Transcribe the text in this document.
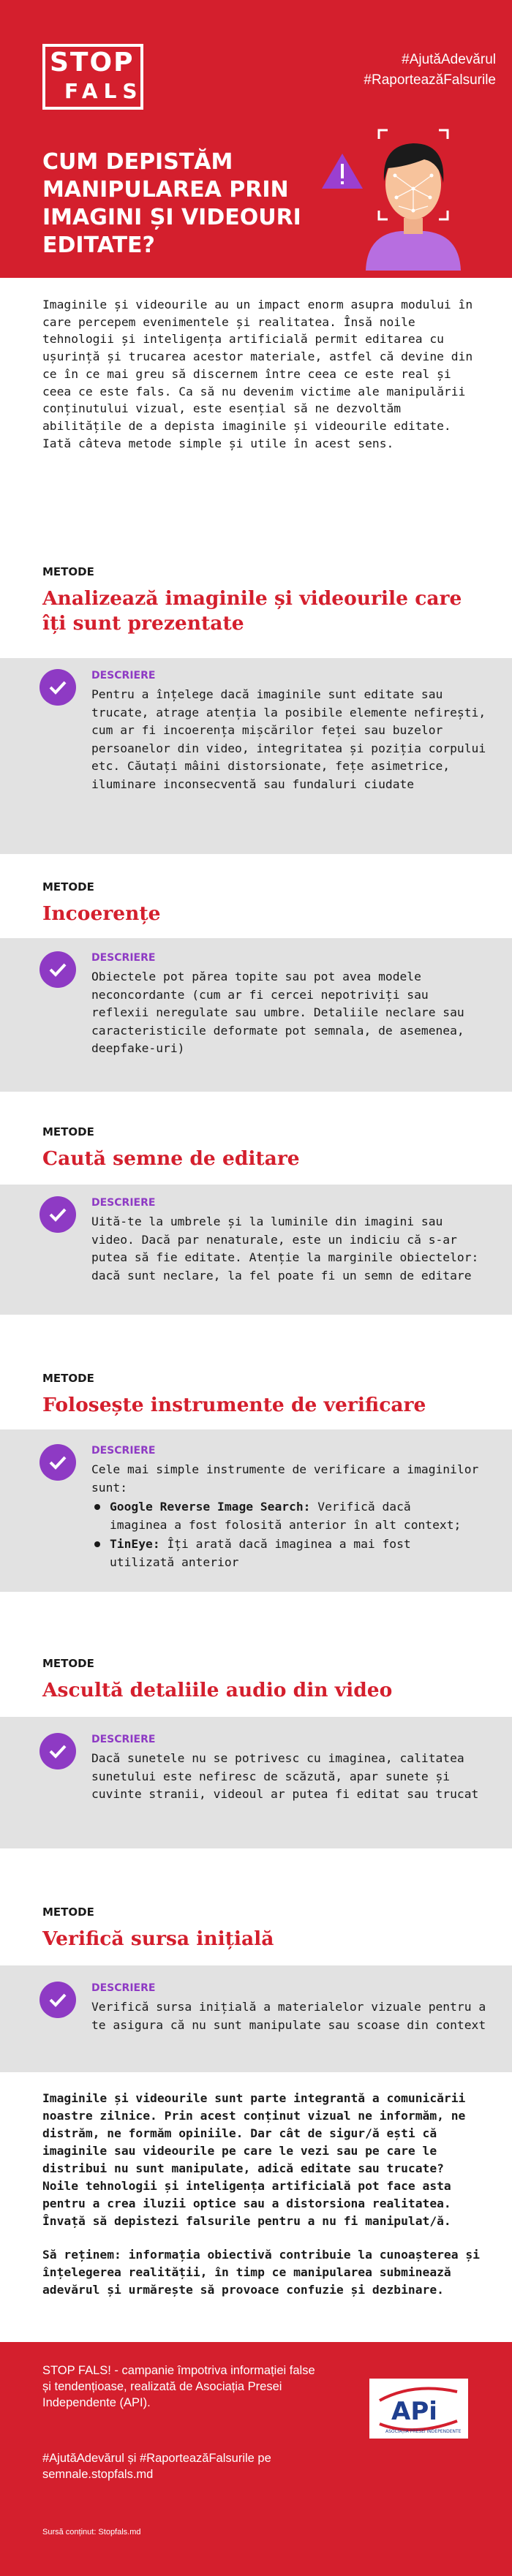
STOP
FALS
#AjutăAdevărul
#RaporteazăFalsurile
CUM DEPISTĂM MANIPULAREA PRIN IMAGINI ȘI VIDEOURI EDITATE?
Imaginile și videourile au un impact enorm asupra modului în care percepem evenimentele și realitatea. Însă noile tehnologii și inteligența artificială permit editarea cu ușurință și trucarea acestor materiale, astfel că devine din ce în ce mai greu să discernem între ceea ce este real și ceea ce este fals. Ca să nu devenim victime ale manipulării conținutului vizual, este esențial să ne dezvoltăm abilitățile de a depista imaginile și videourile editate. Iată câteva metode simple și utile în acest sens.
METODE
Analizează imaginile și videourile care îți sunt prezentate
DESCRIERE
Pentru a înțelege dacă imaginile sunt editate sau trucate, atrage atenția la posibile elemente nefirești, cum ar fi incoerența mișcărilor feței sau buzelor persoanelor din video, integritatea și poziția corpului etc. Căutați mâini distorsionate, fețe asimetrice, iluminare inconsecventă sau fundaluri ciudate
METODE
Incoerențe
DESCRIERE
Obiectele pot părea topite sau pot avea modele neconcordante (cum ar fi cercei nepotriviți sau reflexii neregulate sau umbre. Detaliile neclare sau caracteristicile deformate pot semnala, de asemenea, deepfake-uri)
METODE
Caută semne de editare
DESCRIERE
Uită-te la umbrele și la luminile din imagini sau video. Dacă par nenaturale, este un indiciu că s-ar putea să fie editate. Atenție la marginile obiectelor: dacă sunt neclare, la fel poate fi un semn de editare
METODE
Folosește instrumente de verificare
DESCRIERE
Cele mai simple instrumente de verificare a imaginilor sunt:
Google Reverse Image Search: Verifică dacă imaginea a fost folosită anterior în alt context;
TinEye: Îți arată dacă imaginea a mai fost utilizată anterior
METODE
Ascultă detaliile audio din video
DESCRIERE
Dacă sunetele nu se potrivesc cu imaginea, calitatea sunetului este nefiresc de scăzută, apar sunete și cuvinte stranii, videoul ar putea fi editat sau trucat
METODE
Verifică sursa inițială
DESCRIERE
Verifică sursa inițială a materialelor vizuale pentru a te asigura că nu sunt manipulate sau scoase din context
Imaginile și videourile sunt parte integrantă a comunicării noastre zilnice. Prin acest conținut vizual ne informăm, ne distrăm, ne formăm opiniile. Dar cât de sigur/ă ești că imaginile sau videourile pe care le vezi sau pe care le distribui nu sunt manipulate, adică editate sau trucate? Noile tehnologii și inteligența artificială pot face asta pentru a crea iluzii optice sau a distorsiona realitatea. Învață să depistezi falsurile pentru a nu fi manipulat/ă.
Să reținem: informația obiectivă contribuie la cunoașterea și înțelegerea realității, în timp ce manipularea subminează adevărul și urmărește să provoace confuzie și dezbinare.
STOP FALS! - campanie împotriva informației false și tendențioase, realizată de Asociația Presei Independente (API).
#AjutăAdevărul și #RaporteazăFalsurile pe semnale.stopfals.md
Sursă conținut: Stopfals.md
APi
ASOCIAȚIA PRESEI INDEPENDENTE
